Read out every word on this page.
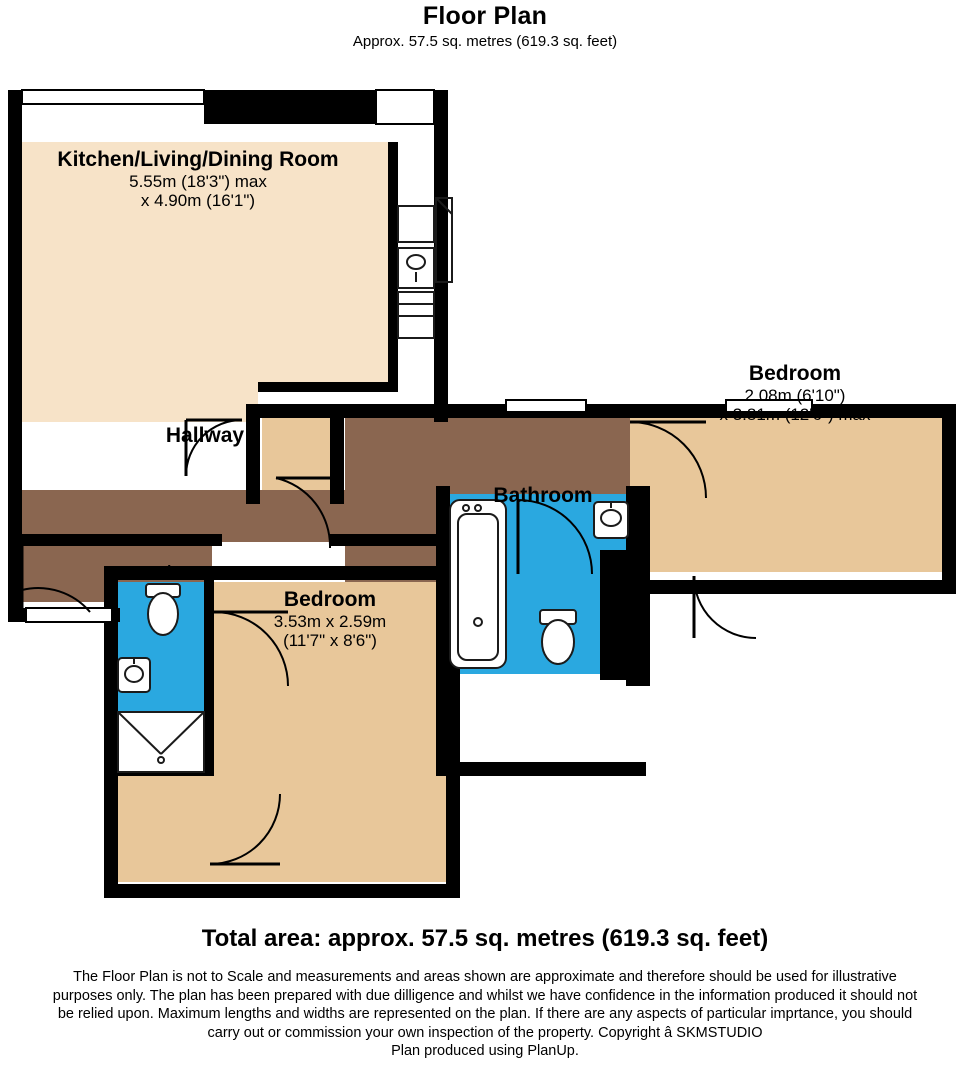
Floor Plan
Approx. 57.5 sq. metres (619.3 sq. feet)
Kitchen/Living/Dining Room
5.55m (18'3") max
x 4.90m (16'1")
Hallway
Bedroom
2.08m (6'10")
x 3.81m (12'6") max
Bathroom
Bedroom
3.53m x 2.59m
(11'7" x 8'6")
En-suite
Total area: approx. 57.5 sq. metres (619.3 sq. feet)

The Floor Plan is not to Scale and measurements and areas shown are approximate and therefore should be used for illustrative

purposes only. The plan has been prepared with due dilligence and whilst we have confidence in the information produced it should not

be relied upon. Maximum lengths and widths are represented on the plan. If there are any aspects of particular imprtance, you should

carry out or commission your own inspection of the property. Copyright â SKMSTUDIO

Plan produced using PlanUp.
